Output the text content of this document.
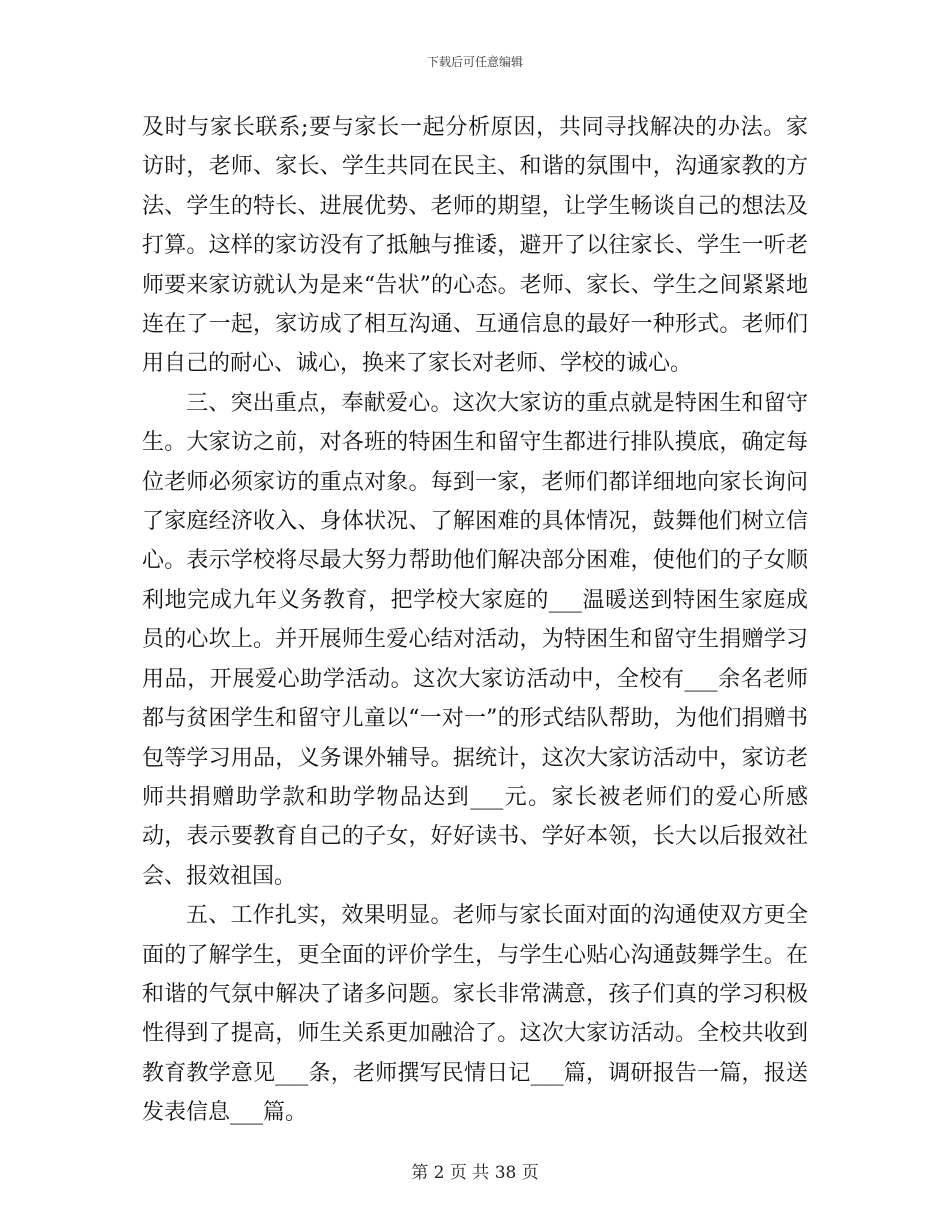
下载后可任意编辑

及时与家长联系;要与家长一起分析原因，共同寻找解决的办法。家访时，老师、家长、学生共同在民主、和谐的氛围中，沟通家教的方法、学生的特长、进展优势、老师的期望，让学生畅谈自己的想法及打算。这样的家访没有了抵触与推诿，避开了以往家长、学生一听老师要来家访就认为是来“告状”的心态。老师、家长、学生之间紧紧地连在了一起，家访成了相互沟通、互通信息的最好一种形式。老师们用自己的耐心、诚心，换来了家长对老师、学校的诚心。

三、突出重点，奉献爱心。这次大家访的重点就是特困生和留守生。大家访之前，对各班的特困生和留守生都进行排队摸底，确定每位老师必须家访的重点对象。每到一家，老师们都详细地向家长询问了家庭经济收入、身体状况、了解困难的具体情况，鼓舞他们树立信心。表示学校将尽最大努力帮助他们解决部分困难，使他们的子女顺利地完成九年义务教育，把学校大家庭的___温暖送到特困生家庭成员的心坎上。并开展师生爱心结对活动，为特困生和留守生捐赠学习用品，开展爱心助学活动。这次大家访活动中，全校有___余名老师都与贫困学生和留守儿童以“一对一”的形式结队帮助，为他们捐赠书包等学习用品，义务课外辅导。据统计，这次大家访活动中，家访老师共捐赠助学款和助学物品达到___元。家长被老师们的爱心所感动，表示要教育自己的子女，好好读书、学好本领，长大以后报效社会、报效祖国。

五、工作扎实，效果明显。老师与家长面对面的沟通使双方更全面的了解学生，更全面的评价学生，与学生心贴心沟通鼓舞学生。在和谐的气氛中解决了诸多问题。家长非常满意，孩子们真的学习积极性得到了提高，师生关系更加融洽了。这次大家访活动。全校共收到教育教学意见___条，老师撰写民情日记___篇，调研报告一篇，报送发表信息___篇。

第 2 页 共 38 页
